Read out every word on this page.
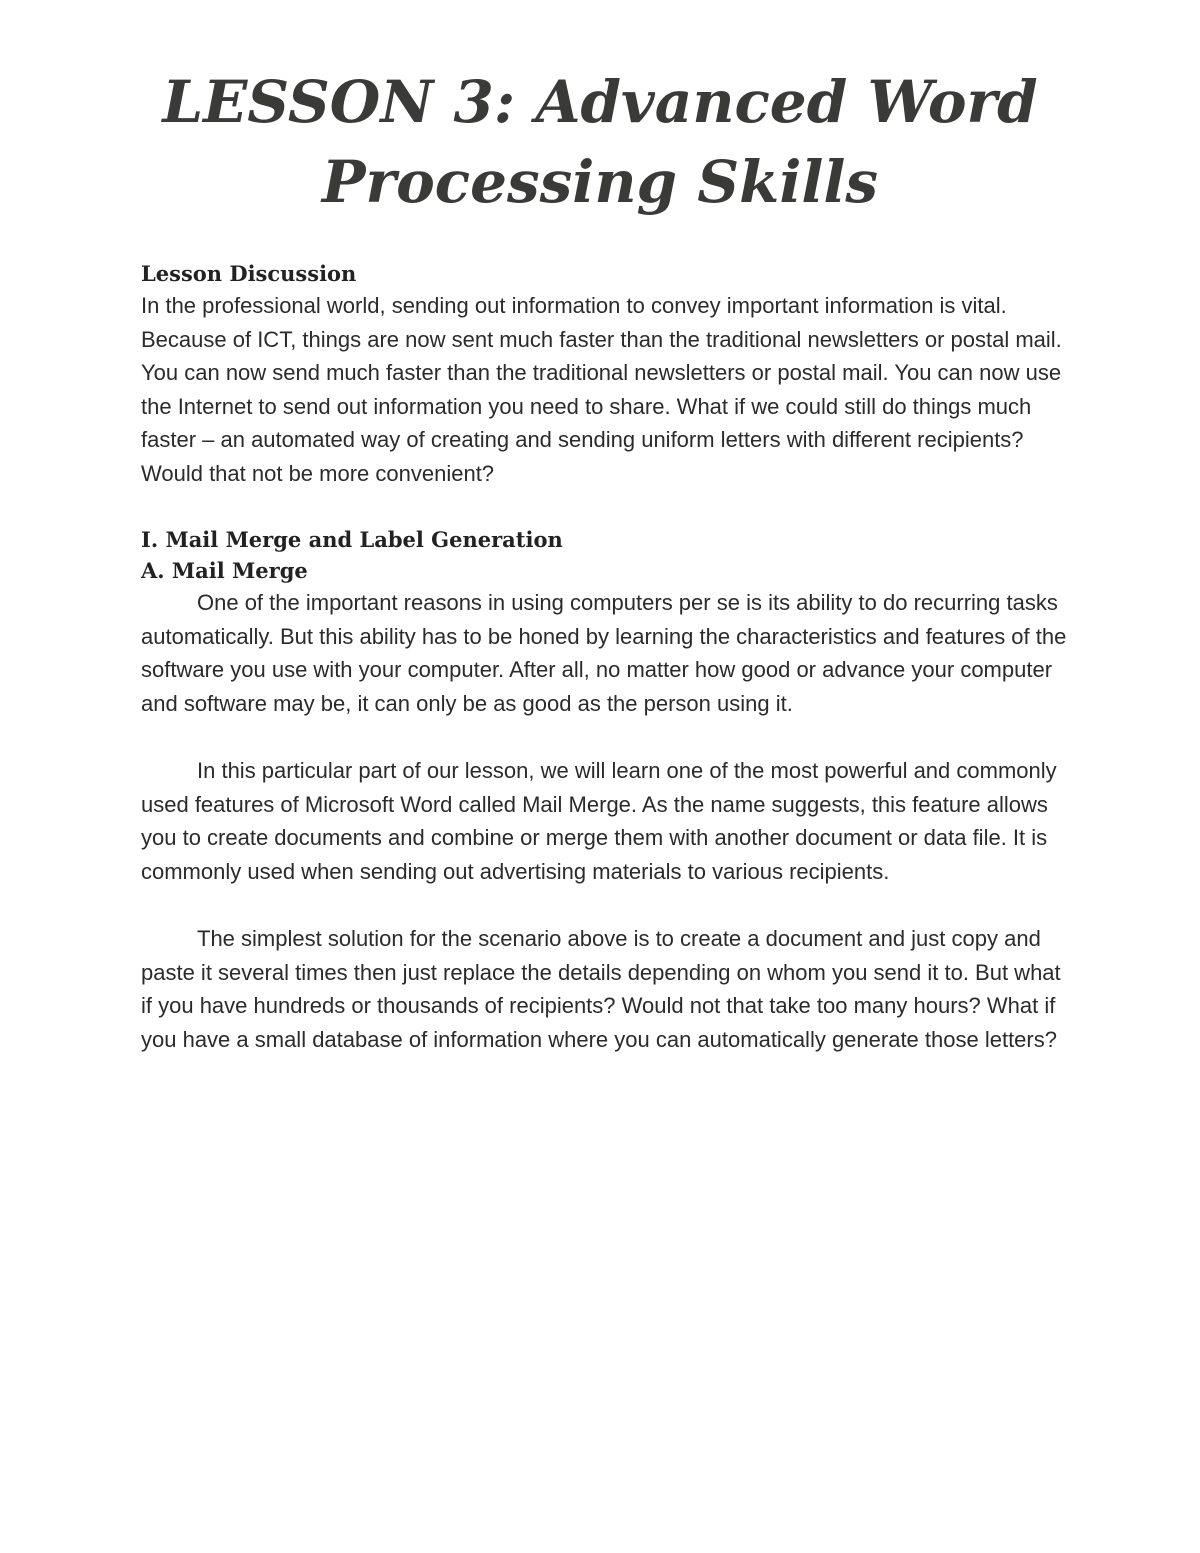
LESSON 3: Advanced Word Processing Skills

Lesson Discussion

In the professional world, sending out information to convey important information is vital. Because of ICT, things are now sent much faster than the traditional newsletters or postal mail. You can now send much faster than the traditional newsletters or postal mail. You can now use the Internet to send out information you need to share. What if we could still do things much faster – an automated way of creating and sending uniform letters with different recipients? Would that not be more convenient?

I. Mail Merge and Label Generation

A. Mail Merge

One of the important reasons in using computers per se is its ability to do recurring tasks automatically. But this ability has to be honed by learning the characteristics and features of the software you use with your computer. After all, no matter how good or advance your computer and software may be, it can only be as good as the person using it.

In this particular part of our lesson, we will learn one of the most powerful and commonly used features of Microsoft Word called Mail Merge. As the name suggests, this feature allows you to create documents and combine or merge them with another document or data file. It is commonly used when sending out advertising materials to various recipients.

The simplest solution for the scenario above is to create a document and just copy and paste it several times then just replace the details depending on whom you send it to. But what if you have hundreds or thousands of recipients? Would not that take too many hours? What if you have a small database of information where you can automatically generate those letters?
